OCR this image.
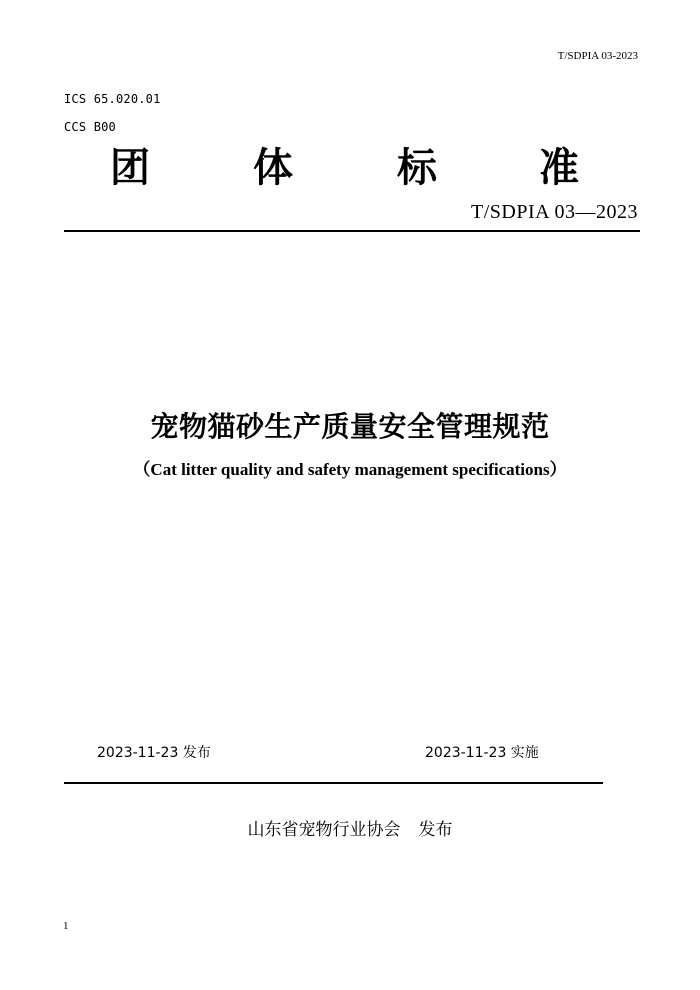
T/SDPIA 03-2023
ICS 65.020.01
CCS B00
团	体	标	准
T/SDPIA 03—2023
宠物猫砂生产质量安全管理规范
（Cat litter quality and safety management specifications）
2023-11-23 发布	2023-11-23 实施
山东省宠物行业协会 发布
1
